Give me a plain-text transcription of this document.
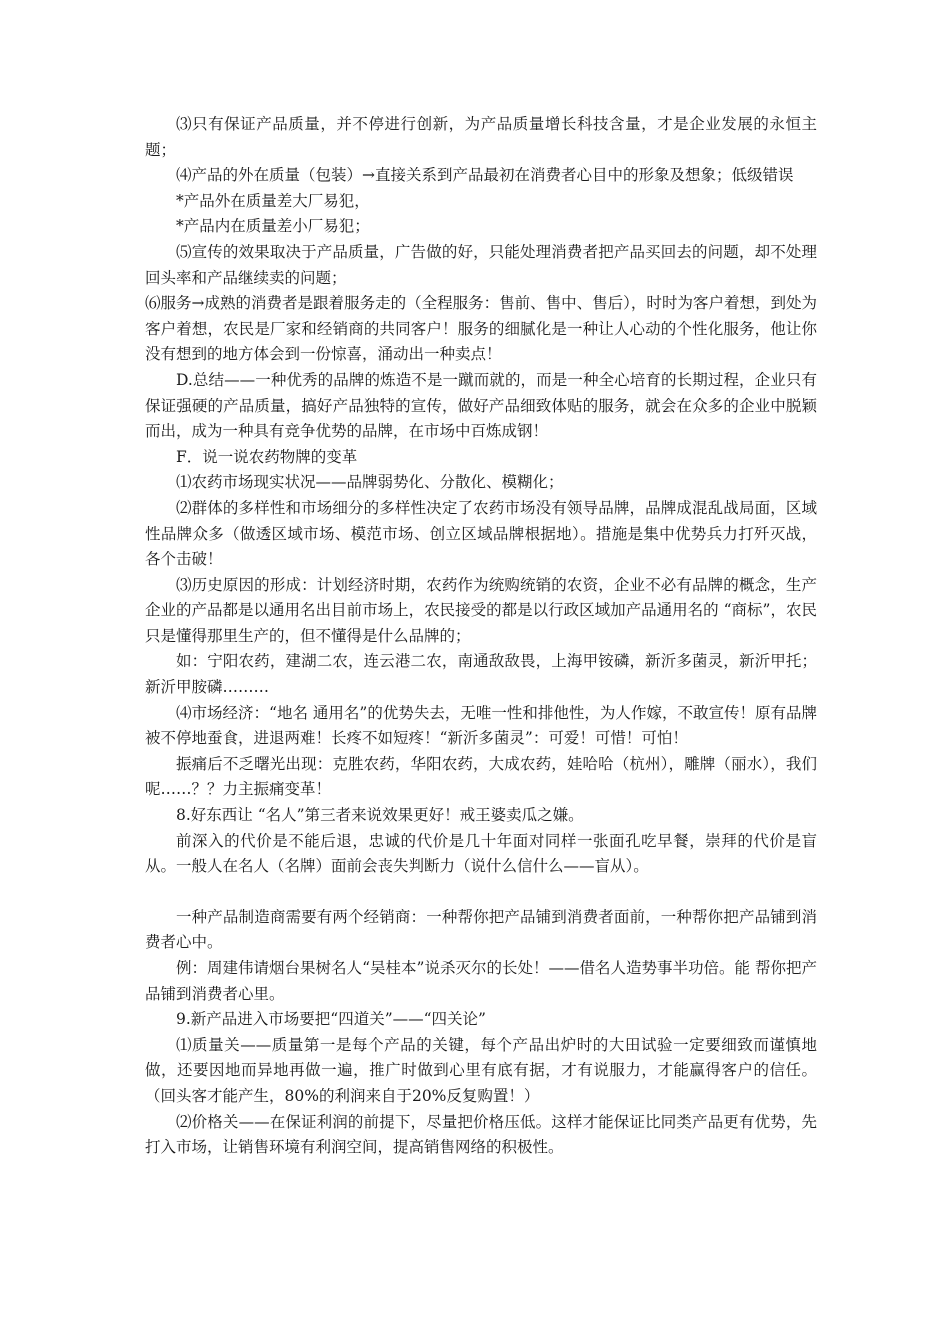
⑶只有保证产品质量，并不停进行创新，为产品质量增长科技含量，才是企业发展的永恒主题；

⑷产品的外在质量（包装）→直接关系到产品最初在消费者心目中的形象及想象；低级错误

*产品外在质量差大厂易犯，

*产品内在质量差小厂易犯；

⑸宣传的效果取决于产品质量，广告做的好，只能处理消费者把产品买回去的问题，却不处理回头率和产品继续卖的问题；

⑹服务→成熟的消费者是跟着服务走的（全程服务：售前、售中、售后），时时为客户着想，到处为客户着想，农民是厂家和经销商的共同客户！服务的细腻化是一种让人心动的个性化服务，他让你没有想到的地方体会到一份惊喜，涌动出一种卖点！

D.总结——一种优秀的品牌的炼造不是一蹴而就的，而是一种全心培育的长期过程，企业只有保证强硬的产品质量，搞好产品独特的宣传，做好产品细致体贴的服务，就会在众多的企业中脱颖而出，成为一种具有竞争优势的品牌，在市场中百炼成钢！

F．说一说农药物牌的变革

⑴农药市场现实状况——品牌弱势化、分散化、模糊化；

⑵群体的多样性和市场细分的多样性决定了农药市场没有领导品牌，品牌成混乱战局面，区域性品牌众多（做透区域市场、模范市场、创立区域品牌根据地）。措施是集中优势兵力打歼灭战，各个击破！

⑶历史原因的形成：计划经济时期，农药作为统购统销的农资，企业不必有品牌的概念，生产企业的产品都是以通用名出目前市场上，农民接受的都是以行政区域加产品通用名的 “商标”，农民只是懂得那里生产的，但不懂得是什么品牌的；

如：宁阳农药，建湖二农，连云港二农，南通敌敌畏，上海甲铵磷，新沂多菌灵，新沂甲托；新沂甲胺磷………

⑷市场经济：“地名 通用名”的优势失去，无唯一性和排他性，为人作嫁，不敢宣传！原有品牌被不停地蚕食，进退两难！长疼不如短疼！“新沂多菌灵”：可爱！可惜！可怕！

振痛后不乏曙光出现：克胜农药，华阳农药，大成农药，娃哈哈（杭州），雕牌（丽水），我们呢……？？力主振痛变革！

8.好东西让 “名人”第三者来说效果更好！戒王婆卖瓜之嫌。

前深入的代价是不能后退，忠诚的代价是几十年面对同样一张面孔吃早餐，崇拜的代价是盲从。一般人在名人（名牌）面前会丧失判断力（说什么信什么——盲从）。

一种产品制造商需要有两个经销商：一种帮你把产品铺到消费者面前，一种帮你把产品铺到消费者心中。

例：周建伟请烟台果树名人“吴桂本”说杀灭尔的长处！——借名人造势事半功倍。能 帮你把产品铺到消费者心里。

9.新产品进入市场要把“四道关”——“四关论”

⑴质量关——质量第一是每个产品的关键，每个产品出炉时的大田试验一定要细致而谨慎地做，还要因地而异地再做一遍，推广时做到心里有底有据，才有说服力，才能赢得客户的信任。（回头客才能产生，80%的利润来自于20%反复购置！）

⑵价格关——在保证利润的前提下，尽量把价格压低。这样才能保证比同类产品更有优势，先打入市场，让销售环境有利润空间，提高销售网络的积极性。
